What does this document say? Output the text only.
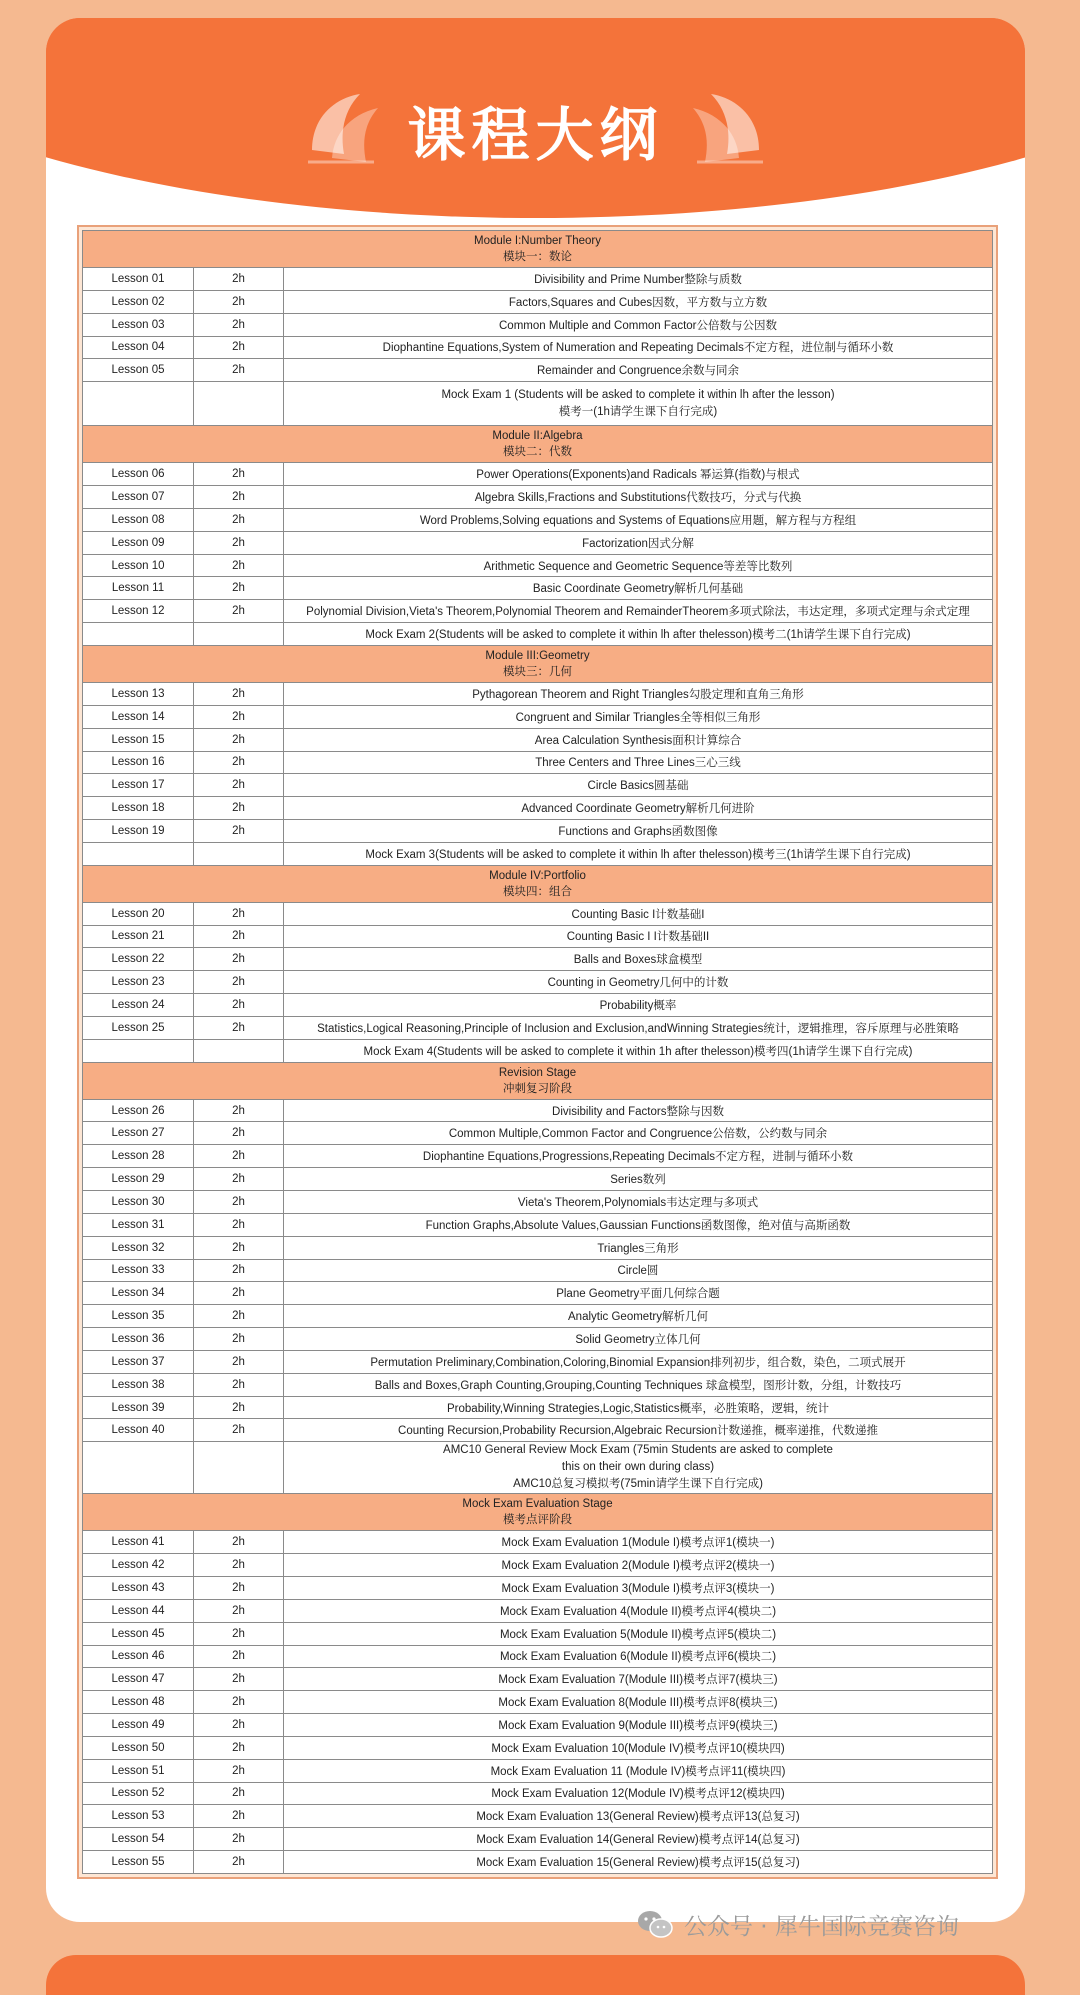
课程大纲
Module I:Number Theory
模块一：数论		

Lesson 01	2h	Divisibility and Prime Number整除与质数
Lesson 02	2h	Factors,Squares and Cubes因数，平方数与立方数
Lesson 03	2h	Common Multiple and Common Factor公倍数与公因数
Lesson 04	2h	Diophantine Equations,System of Numeration and Repeating Decimals不定方程，进位制与循环小数
Lesson 05	2h	Remainder and Congruence余数与同余

		Mock Exam 1 (Students will be asked to complete it within lh after the lesson)
模考一(1h请学生课下自行完成)

Module II:Algebra
模块二：代数		

Lesson 06	2h	Power Operations(Exponents)and Radicals 幂运算(指数)与根式
Lesson 07	2h	Algebra Skills,Fractions and Substitutions代数技巧，分式与代换
Lesson 08	2h	Word Problems,Solving equations and Systems of Equations应用题，解方程与方程组
Lesson 09	2h	Factorization因式分解
Lesson 10	2h	Arithmetic Sequence and Geometric Sequence等差等比数列
Lesson 11	2h	Basic Coordinate Geometry解析几何基础
Lesson 12	2h	Polynomial Division,Vieta's Theorem,Polynomial Theorem and RemainderTheorem多项式除法，韦达定理，多项式定理与余式定理
		Mock Exam 2(Students will be asked to complete it within lh after thelesson)模考二(1h请学生课下自行完成)

Module III:Geometry
模块三：几何		

Lesson 13	2h	Pythagorean Theorem and Right Triangles勾股定理和直角三角形
Lesson 14	2h	Congruent and Similar Triangles全等相似三角形
Lesson 15	2h	Area Calculation Synthesis面积计算综合
Lesson 16	2h	Three Centers and Three Lines三心三线
Lesson 17	2h	Circle Basics圆基础
Lesson 18	2h	Advanced Coordinate Geometry解析几何进阶
Lesson 19	2h	Functions and Graphs函数图像
		Mock Exam 3(Students will be asked to complete it within lh after thelesson)模考三(1h请学生课下自行完成)

Module IV:Portfolio
模块四：组合		

Lesson 20	2h	Counting Basic I计数基础I
Lesson 21	2h	Counting Basic I I计数基础II
Lesson 22	2h	Balls and Boxes球盒模型
Lesson 23	2h	Counting in Geometry几何中的计数
Lesson 24	2h	Probability概率
Lesson 25	2h	Statistics,Logical Reasoning,Principle of Inclusion and Exclusion,andWinning Strategies统计，逻辑推理，容斥原理与必胜策略
		Mock Exam 4(Students will be asked to complete it within 1h after thelesson)模考四(1h请学生课下自行完成)

Revision Stage
冲刺复习阶段		

Lesson 26	2h	Divisibility and Factors整除与因数
Lesson 27	2h	Common Multiple,Common Factor and Congruence公倍数，公约数与同余
Lesson 28	2h	Diophantine Equations,Progressions,Repeating Decimals不定方程，进制与循环小数
Lesson 29	2h	Series数列
Lesson 30	2h	Vieta's Theorem,Polynomials韦达定理与多项式
Lesson 31	2h	Function Graphs,Absolute Values,Gaussian Functions函数图像，绝对值与高斯函数
Lesson 32	2h	Triangles三角形
Lesson 33	2h	Circle圆
Lesson 34	2h	Plane Geometry平面几何综合题
Lesson 35	2h	Analytic Geometry解析几何
Lesson 36	2h	Solid Geometry立体几何
Lesson 37	2h	Permutation Preliminary,Combination,Coloring,Binomial Expansion排列初步，组合数，染色，二项式展开
Lesson 38	2h	Balls and Boxes,Graph Counting,Grouping,Counting Techniques 球盒模型，图形计数，分组，计数技巧
Lesson 39	2h	Probability,Winning Strategies,Logic,Statistics概率，必胜策略，逻辑，统计
Lesson 40	2h	Counting Recursion,Probability Recursion,Algebraic Recursion计数递推，概率递推，代数递推

		AMC10 General Review Mock Exam (75min Students are asked to complete
this on their own during class)
AMC10总复习模拟考(75min请学生课下自行完成)

Mock Exam Evaluation Stage
模考点评阶段		

Lesson 41	2h	Mock Exam Evaluation 1(Module I)模考点评1(模块一)
Lesson 42	2h	Mock Exam Evaluation 2(Module I)模考点评2(模块一)
Lesson 43	2h	Mock Exam Evaluation 3(Module I)模考点评3(模块一)
Lesson 44	2h	Mock Exam Evaluation 4(Module II)模考点评4(模块二)
Lesson 45	2h	Mock Exam Evaluation 5(Module II)模考点评5(模块二)
Lesson 46	2h	Mock Exam Evaluation 6(Module II)模考点评6(模块二)
Lesson 47	2h	Mock Exam Evaluation 7(Module III)模考点评7(模块三)
Lesson 48	2h	Mock Exam Evaluation 8(Module III)模考点评8(模块三)
Lesson 49	2h	Mock Exam Evaluation 9(Module III)模考点评9(模块三)
Lesson 50	2h	Mock Exam Evaluation 10(Module IV)模考点评10(模块四)
Lesson 51	2h	Mock Exam Evaluation 11 (Module IV)模考点评11(模块四)
Lesson 52	2h	Mock Exam Evaluation 12(Module IV)模考点评12(模块四)
Lesson 53	2h	Mock Exam Evaluation 13(General Review)模考点评13(总复习)
Lesson 54	2h	Mock Exam Evaluation 14(General Review)模考点评14(总复习)
Lesson 55	2h	Mock Exam Evaluation 15(General Review)模考点评15(总复习)
公众号 · 犀牛国际竞赛咨询
